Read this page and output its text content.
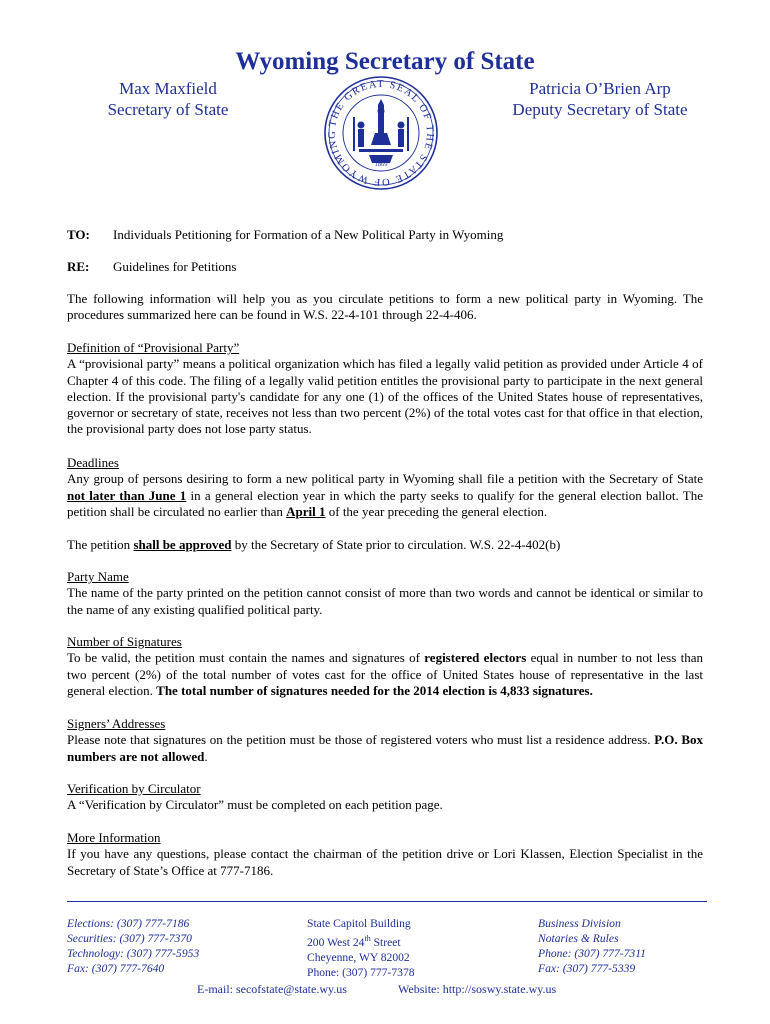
Wyoming Secretary of State
Max Maxfield
Secretary of State
Patricia O’Brien Arp
Deputy Secretary of State
THE GREAT SEAL OF THE STATE OF WYOMING
1869
TO: Individuals Petitioning for Formation of a New Political Party in Wyoming
RE: Guidelines for Petitions
The following information will help you as you circulate petitions to form a new political party in Wyoming. The procedures summarized here can be found in W.S. 22-4-101 through 22-4-406.
Definition of “Provisional Party”
A “provisional party” means a political organization which has filed a legally valid petition as provided under Article 4 of Chapter 4 of this code. The filing of a legally valid petition entitles the provisional party to participate in the next general election. If the provisional party's candidate for any one (1) of the offices of the United States house of representatives, governor or secretary of state, receives not less than two percent (2%) of the total votes cast for that office in that election, the provisional party does not lose party status.
Deadlines
Any group of persons desiring to form a new political party in Wyoming shall file a petition with the Secretary of State not later than June 1 in a general election year in which the party seeks to qualify for the general election ballot. The petition shall be circulated no earlier than April 1 of the year preceding the general election.
The petition shall be approved by the Secretary of State prior to circulation. W.S. 22-4-402(b)
Party Name
The name of the party printed on the petition cannot consist of more than two words and cannot be identical or similar to the name of any existing qualified political party.
Number of Signatures
To be valid, the petition must contain the names and signatures of registered electors equal in number to not less than two percent (2%) of the total number of votes cast for the office of United States house of representative in the last general election. The total number of signatures needed for the 2014 election is 4,833 signatures.
Signers’ Addresses
Please note that signatures on the petition must be those of registered voters who must list a residence address. P.O. Box numbers are not allowed.
Verification by Circulator
A “Verification by Circulator” must be completed on each petition page.
More Information
If you have any questions, please contact the chairman of the petition drive or Lori Klassen, Election Specialist in the Secretary of State’s Office at 777-7186.
Elections: (307) 777-7186
Securities: (307) 777-7370
Technology: (307) 777-5953
Fax: (307) 777-7640
State Capitol Building
200 West 24th Street
Cheyenne, WY 82002
Phone: (307) 777-7378
Business Division
Notaries & Rules
Phone: (307) 777-7311
Fax: (307) 777-5339
E-mail: secofstate@state.wy.us	Website: http://soswy.state.wy.us
